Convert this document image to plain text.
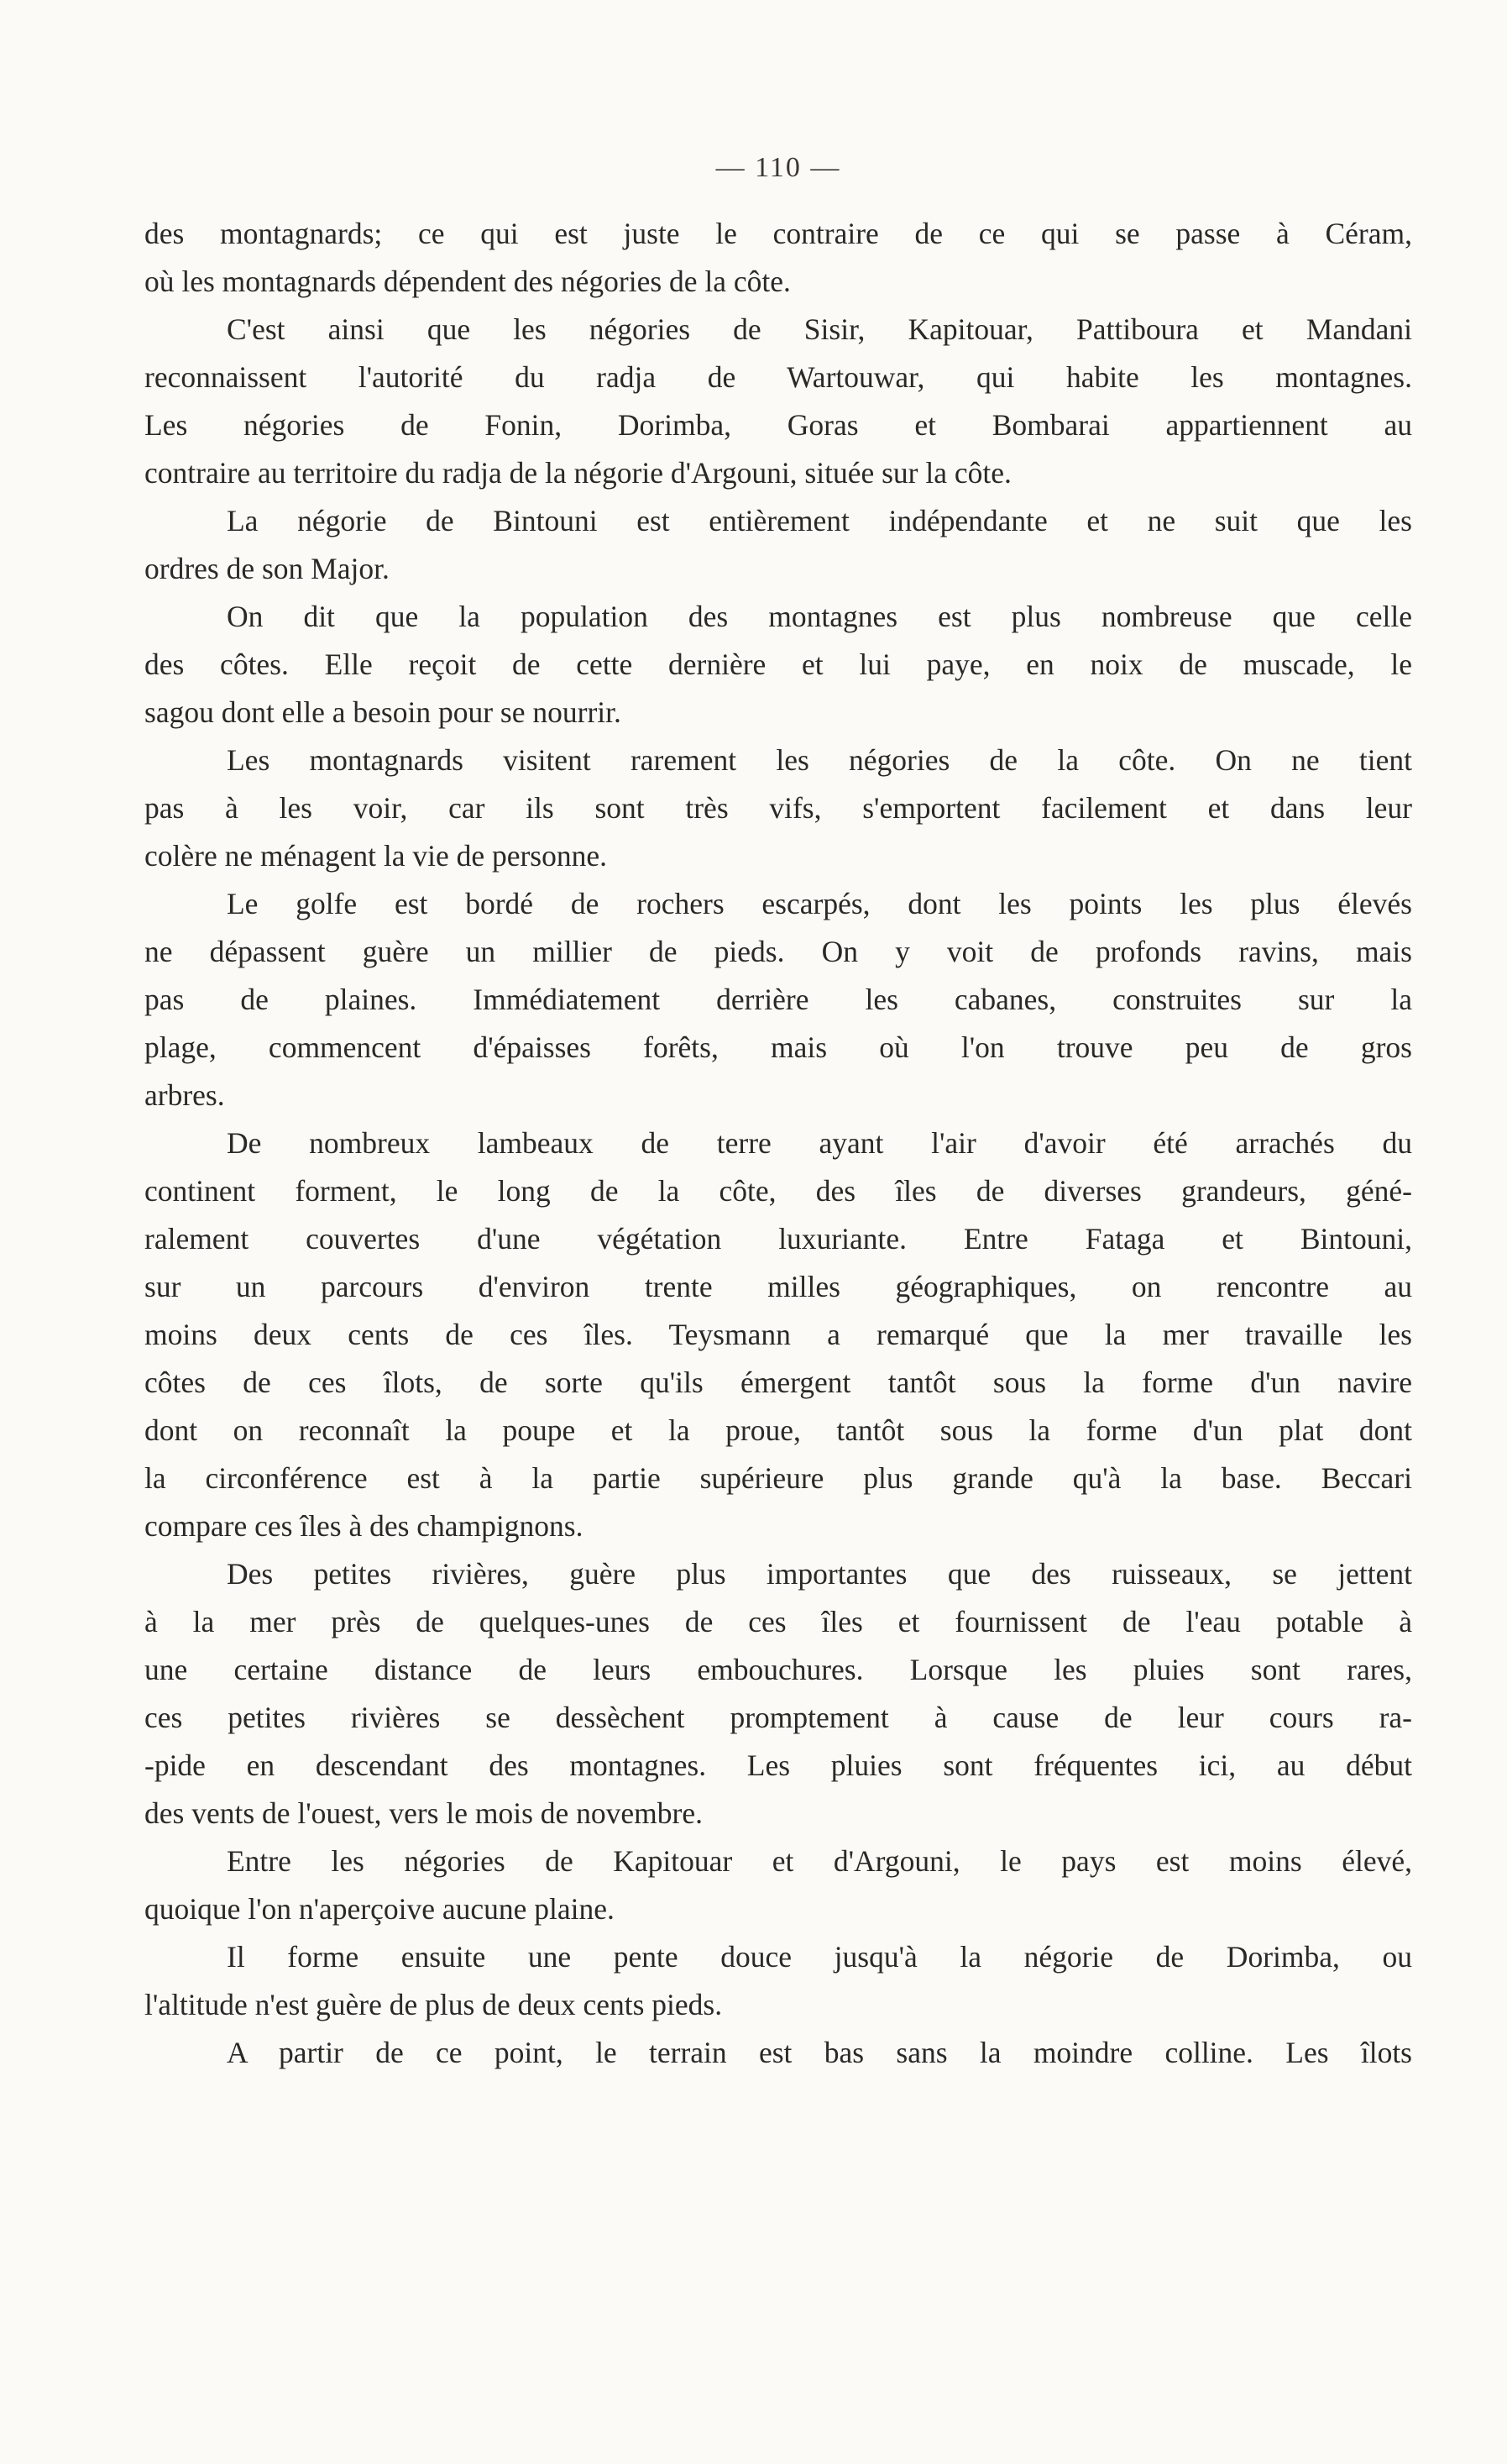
— 110 —
des montagnards; ce qui est juste le contraire de ce qui se passe à Céram,
où les montagnards dépendent des négories de la côte.
C'est ainsi que les négories de Sisir, Kapitouar, Pattiboura et Mandani
reconnaissent l'autorité du radja de Wartouwar, qui habite les montagnes.
Les négories de Fonin, Dorimba, Goras et Bombarai appartiennent au
contraire au territoire du radja de la négorie d'Argouni, située sur la côte.
La négorie de Bintouni est entièrement indépendante et ne suit que les
ordres de son Major.
On dit que la population des montagnes est plus nombreuse que celle
des côtes. Elle reçoit de cette dernière et lui paye, en noix de muscade, le
sagou dont elle a besoin pour se nourrir.
Les montagnards visitent rarement les négories de la côte. On ne tient
pas à les voir, car ils sont très vifs, s'emportent facilement et dans leur
colère ne ménagent la vie de personne.
Le golfe est bordé de rochers escarpés, dont les points les plus élevés
ne dépassent guère un millier de pieds. On y voit de profonds ravins, mais
pas de plaines. Immédiatement derrière les cabanes, construites sur la
plage, commencent d'épaisses forêts, mais où l'on trouve peu de gros
arbres.
De nombreux lambeaux de terre ayant l'air d'avoir été arrachés du
continent forment, le long de la côte, des îles de diverses grandeurs, géné-
ralement couvertes d'une végétation luxuriante. Entre Fataga et Bintouni,
sur un parcours d'environ trente milles géographiques, on rencontre au
moins deux cents de ces îles. Teysmann a remarqué que la mer travaille les
côtes de ces îlots, de sorte qu'ils émergent tantôt sous la forme d'un navire
dont on reconnaît la poupe et la proue, tantôt sous la forme d'un plat dont
la circonférence est à la partie supérieure plus grande qu'à la base. Beccari
compare ces îles à des champignons.
Des petites rivières, guère plus importantes que des ruisseaux, se jettent
à la mer près de quelques-unes de ces îles et fournissent de l'eau potable à
une certaine distance de leurs embouchures. Lorsque les pluies sont rares,
ces petites rivières se dessèchent promptement à cause de leur cours ra-
-pide en descendant des montagnes. Les pluies sont fréquentes ici, au début
des vents de l'ouest, vers le mois de novembre.
Entre les négories de Kapitouar et d'Argouni, le pays est moins élevé,
quoique l'on n'aperçoive aucune plaine.
Il forme ensuite une pente douce jusqu'à la négorie de Dorimba, ou
l'altitude n'est guère de plus de deux cents pieds.
A partir de ce point, le terrain est bas sans la moindre colline. Les îlots
